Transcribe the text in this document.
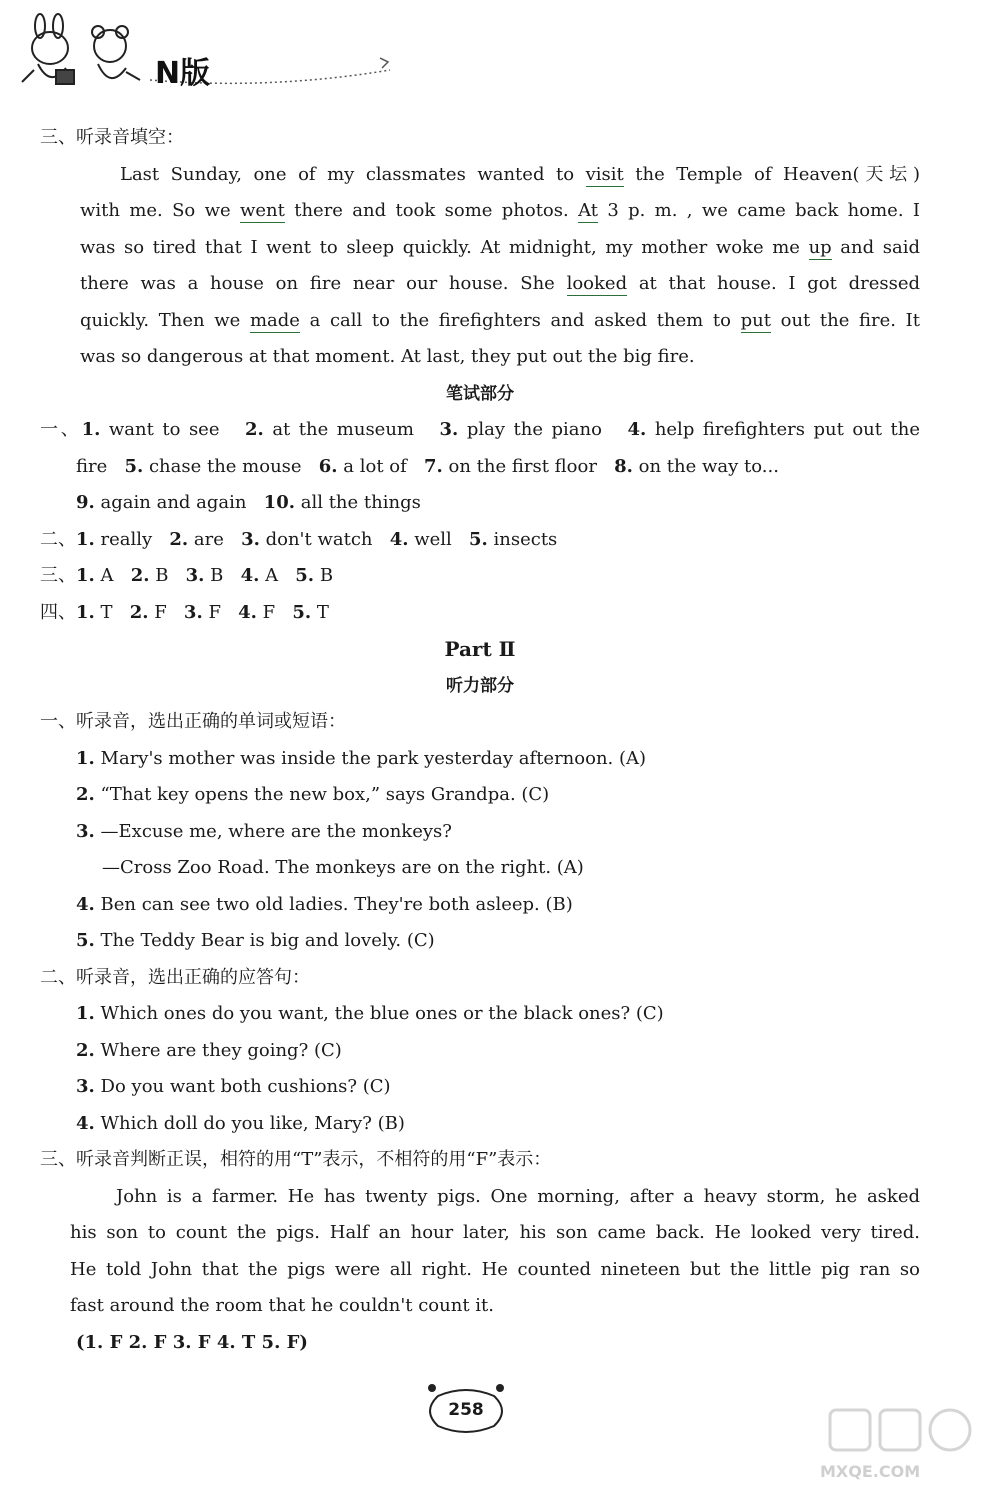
N版
三、听录音填空：
Last Sunday, one of my classmates wanted to visit the Temple of Heaven(天坛)
with me. So we went there and took some photos. At 3 p. m. , we came back home. I
was so tired that I went to sleep quickly. At midnight, my mother woke me up and said
there was a house on fire near our house. She looked at that house. I got dressed
quickly. Then we made a call to the firefighters and asked them to put out the fire. It
was so dangerous at that moment. At last, they put out the big fire.
笔试部分
一、1. want to see 2. at the museum 3. play the piano 4. help firefighters put out the
fire 5. chase the mouse 6. a lot of 7. on the first floor 8. on the way to...
9. again and again 10. all the things
二、1. really 2. are 3. don't watch 4. well 5. insects
三、1. A 2. B 3. B 4. A 5. B
四、1. T 2. F 3. F 4. F 5. T
Part Ⅱ
听力部分
一、听录音，选出正确的单词或短语：
1. Mary's mother was inside the park yesterday afternoon. (A)
2. “That key opens the new box,” says Grandpa. (C)
3. —Excuse me, where are the monkeys?
—Cross Zoo Road. The monkeys are on the right. (A)
4. Ben can see two old ladies. They're both asleep. (B)
5. The Teddy Bear is big and lovely. (C)
二、听录音，选出正确的应答句：
1. Which ones do you want, the blue ones or the black ones? (C)
2. Where are they going? (C)
3. Do you want both cushions? (C)
4. Which doll do you like, Mary? (B)
三、听录音判断正误，相符的用“T”表示，不相符的用“F”表示：
John is a farmer. He has twenty pigs. One morning, after a heavy storm, he asked
his son to count the pigs. Half an hour later, his son came back. He looked very tired.
He told John that the pigs were all right. He counted nineteen but the little pig ran so
fast around the room that he couldn't count it.
(1. F 2. F 3. F 4. T 5. F)
258
MXQE.COM
